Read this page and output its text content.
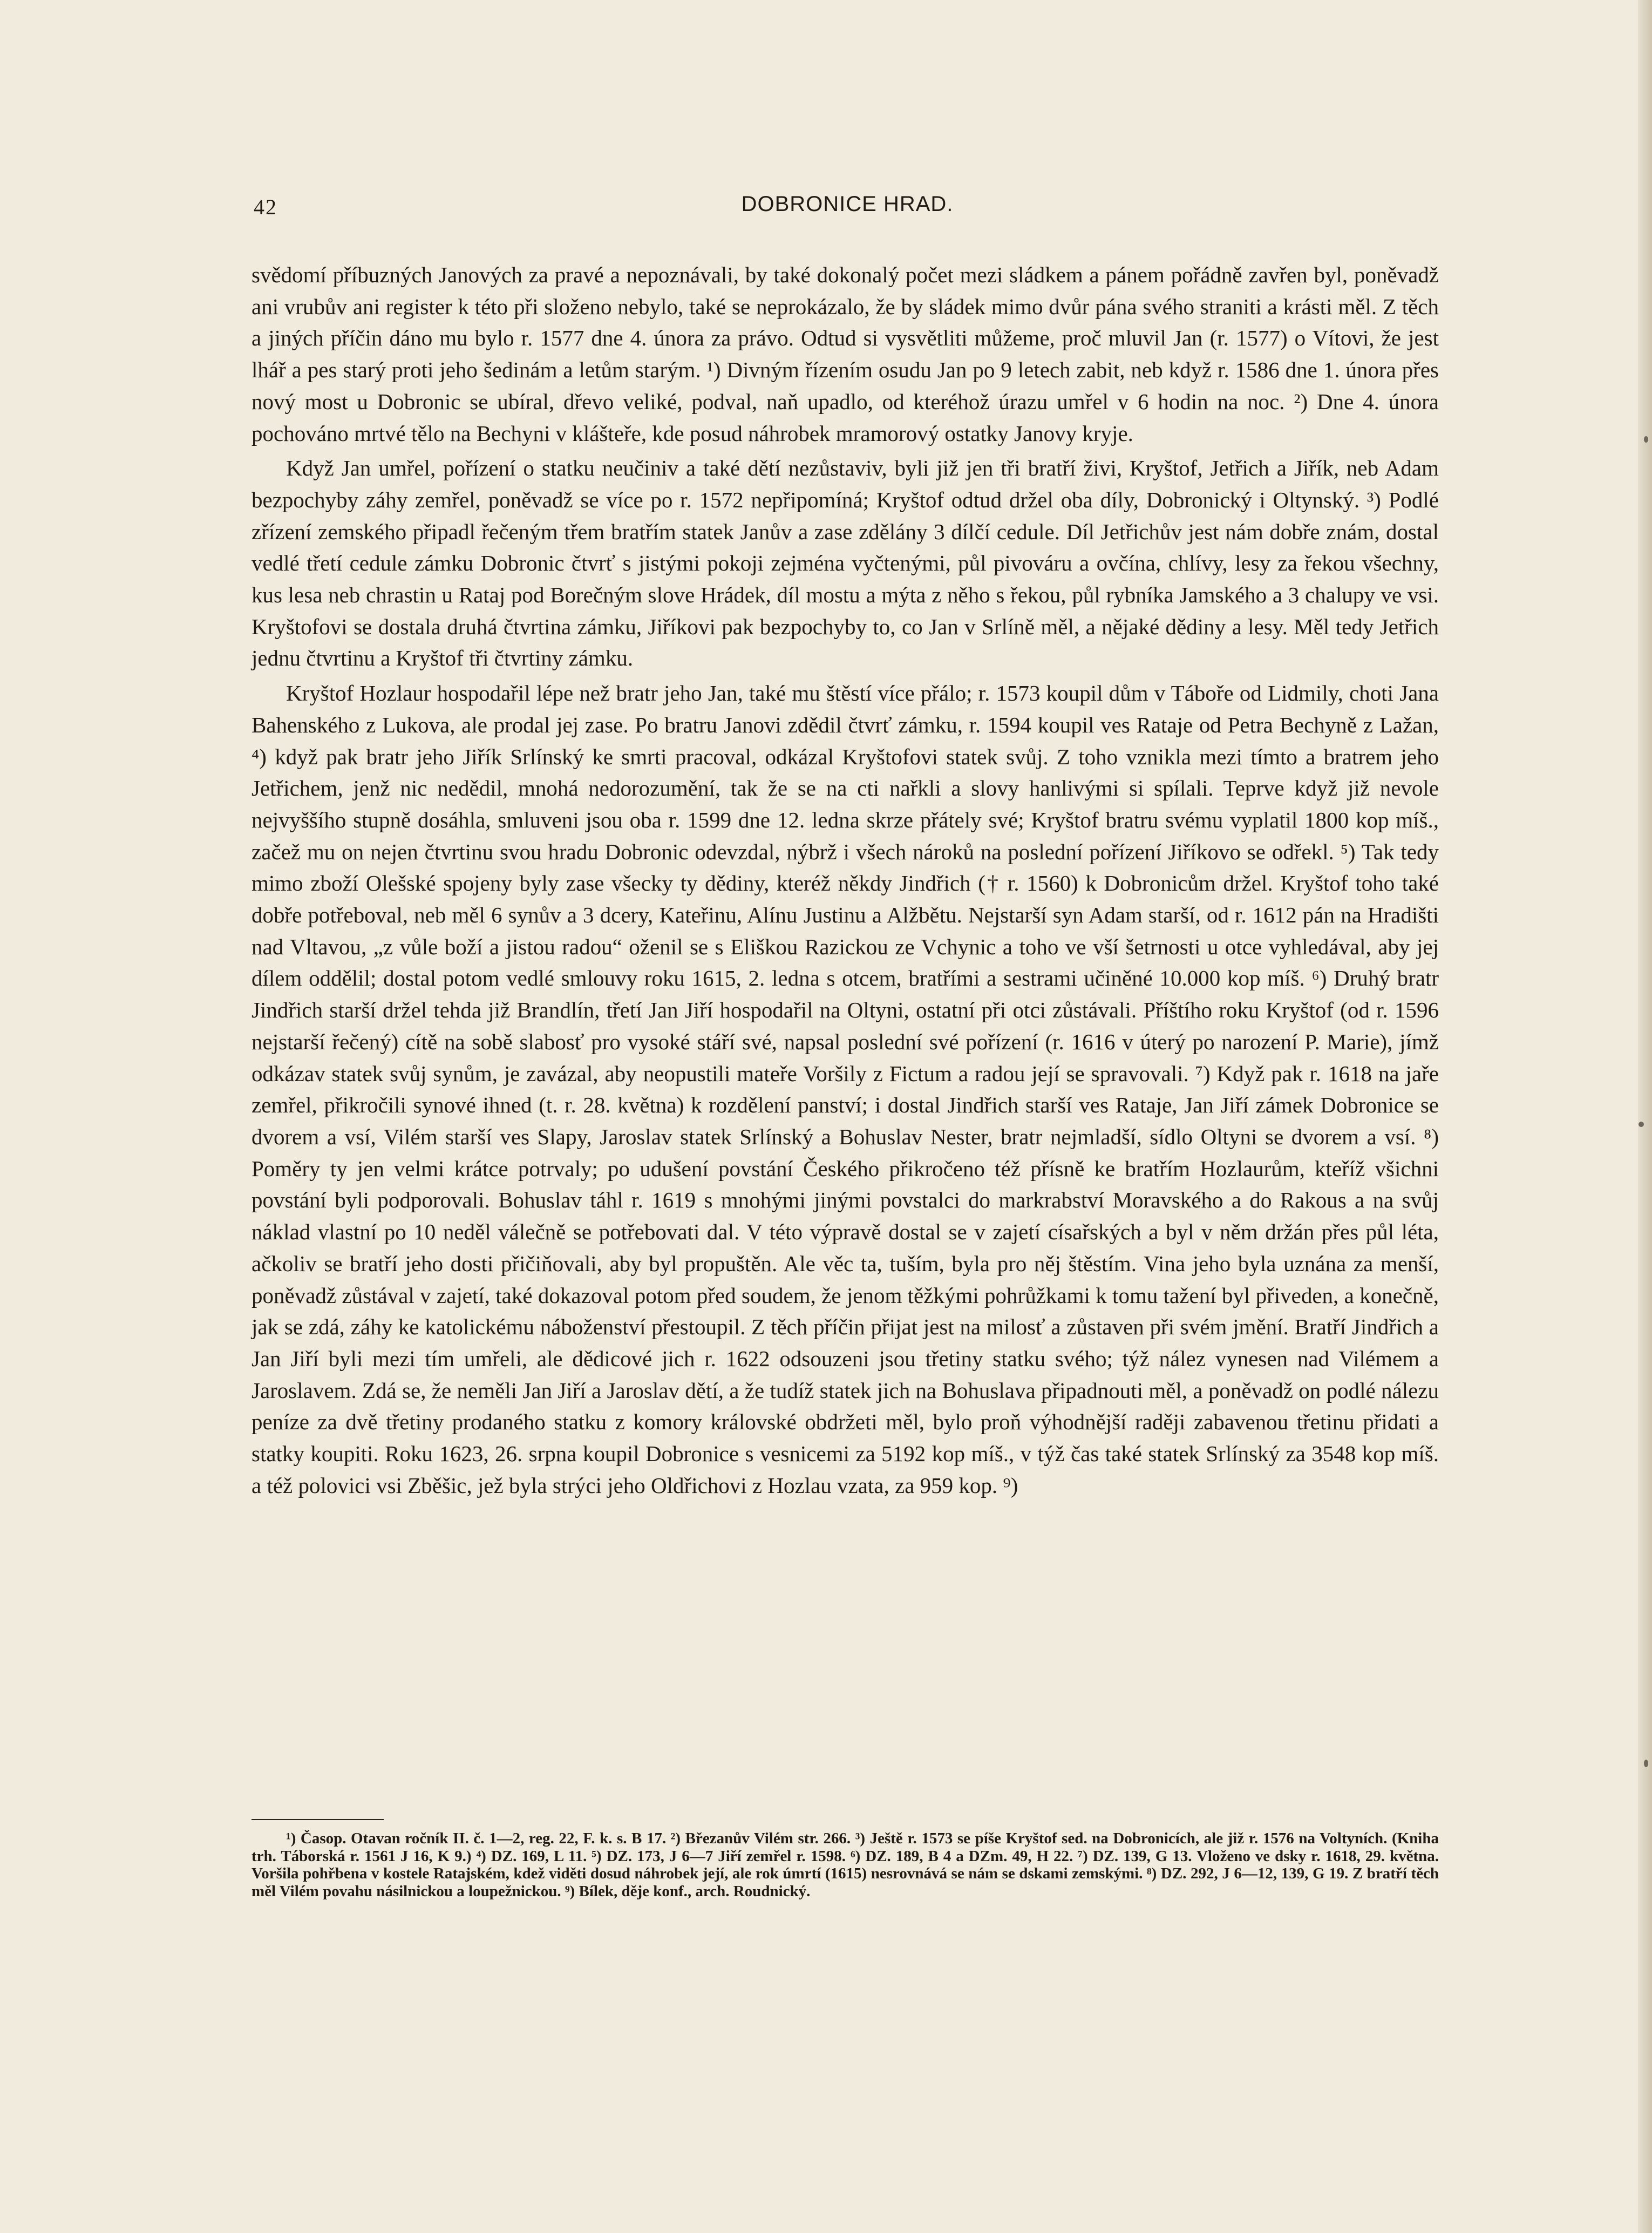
42	DOBRONICE HRAD.

svědomí příbuzných Janových za pravé a nepoznávali, by také dokonalý počet mezi sládkem a pánem pořádně zavřen byl, poněvadž ani vrubův ani register k této při složeno nebylo, také se neprokázalo, že by sládek mimo dvůr pána svého straniti a krásti měl. Z těch a jiných příčin dáno mu bylo r. 1577 dne 4. února za právo. Odtud si vysvětliti můžeme, proč mluvil Jan (r. 1577) o Vítovi, že jest lhář a pes starý proti jeho šedinám a letům starým. ¹) Divným řízením osudu Jan po 9 letech zabit, neb když r. 1586 dne 1. února přes nový most u Dobronic se ubíral, dřevo veliké, podval, naň upadlo, od kteréhož úrazu umřel v 6 hodin na noc. ²) Dne 4. února pochováno mrtvé tělo na Bechyni v klášteře, kde posud náhrobek mramorový ostatky Janovy kryje.

Když Jan umřel, pořízení o statku neučiniv a také dětí nezůstaviv, byli již jen tři bratří živi, Kryštof, Jetřich a Jiřík, neb Adam bezpochyby záhy zemřel, poněvadž se více po r. 1572 nepřipomíná; Kryštof odtud držel oba díly, Dobronický i Oltynský. ³) Podlé zřízení zemského připadl řečeným třem bratřím statek Janův a zase zdělány 3 dílčí cedule. Díl Jetřichův jest nám dobře znám, dostal vedlé třetí cedule zámku Dobronic čtvrť s jistými pokoji zejména vyčtenými, půl pivováru a ovčína, chlívy, lesy za řekou všechny, kus lesa neb chrastin u Rataj pod Borečným slove Hrádek, díl mostu a mýta z něho s řekou, půl rybníka Jamského a 3 chalupy ve vsi. Kryštofovi se dostala druhá čtvrtina zámku, Jiříkovi pak bezpochyby to, co Jan v Srlíně měl, a nějaké dědiny a lesy. Měl tedy Jetřich jednu čtvrtinu a Kryštof tři čtvrtiny zámku.

Kryštof Hozlaur hospodařil lépe než bratr jeho Jan, také mu štěstí více přálo; r. 1573 koupil dům v Táboře od Lidmily, choti Jana Bahenského z Lukova, ale prodal jej zase. Po bratru Janovi zdědil čtvrť zámku, r. 1594 koupil ves Rataje od Petra Bechyně z Lažan, ⁴) když pak bratr jeho Jiřík Srlínský ke smrti pracoval, odkázal Kryštofovi statek svůj. Z toho vznikla mezi tímto a bratrem jeho Jetřichem, jenž nic nedědil, mnohá nedorozumění, tak že se na cti nařkli a slovy hanlivými si spílali. Teprve když již nevole nejvyššího stupně dosáhla, smluveni jsou oba r. 1599 dne 12. ledna skrze přátely své; Kryštof bratru svému vyplatil 1800 kop míš., začež mu on nejen čtvrtinu svou hradu Dobronic odevzdal, nýbrž i všech nároků na poslední pořízení Jiříkovo se odřekl. ⁵) Tak tedy mimo zboží Olešské spojeny byly zase všecky ty dědiny, kteréž někdy Jindřich († r. 1560) k Dobronicům držel. Kryštof toho také dobře potřeboval, neb měl 6 synův a 3 dcery, Kateřinu, Alínu Justinu a Alžbětu. Nejstarší syn Adam starší, od r. 1612 pán na Hradišti nad Vltavou, „z vůle boží a jistou radou“ oženil se s Eliškou Razickou ze Vchynic a toho ve vší šetrnosti u otce vyhledával, aby jej dílem oddělil; dostal potom vedlé smlouvy roku 1615, 2. ledna s otcem, bratřími a sestrami učiněné 10.000 kop míš. ⁶) Druhý bratr Jindřich starší držel tehda již Brandlín, třetí Jan Jiří hospodařil na Oltyni, ostatní při otci zůstávali. Příštího roku Kryštof (od r. 1596 nejstarší řečený) cítě na sobě slabosť pro vysoké stáří své, napsal poslední své pořízení (r. 1616 v úterý po narození P. Marie), jímž odkázav statek svůj synům, je zavázal, aby neopustili mateře Voršily z Fictum a radou její se spravovali. ⁷) Když pak r. 1618 na jaře zemřel, přikročili synové ihned (t. r. 28. května) k rozdělení panství; i dostal Jindřich starší ves Rataje, Jan Jiří zámek Dobronice se dvorem a vsí, Vilém starší ves Slapy, Jaroslav statek Srlínský a Bohuslav Nester, bratr nejmladší, sídlo Oltyni se dvorem a vsí. ⁸) Poměry ty jen velmi krátce potrvaly; po udušení povstání Českého přikročeno též přísně ke bratřím Hozlaurům, kteříž všichni povstání byli podporovali. Bohuslav táhl r. 1619 s mnohými jinými povstalci do markrabství Moravského a do Rakous a na svůj náklad vlastní po 10 neděl válečně se potřebovati dal. V této výpravě dostal se v zajetí císařských a byl v něm držán přes půl léta, ačkoliv se bratří jeho dosti přičiňovali, aby byl propuštěn. Ale věc ta, tuším, byla pro něj štěstím. Vina jeho byla uznána za menší, poněvadž zůstával v zajetí, také dokazoval potom před soudem, že jenom těžkými pohrůžkami k tomu tažení byl přiveden, a konečně, jak se zdá, záhy ke katolickému náboženství přestoupil. Z těch příčin přijat jest na milosť a zůstaven při svém jmění. Bratří Jindřich a Jan Jiří byli mezi tím umřeli, ale dědicové jich r. 1622 odsouzeni jsou třetiny statku svého; týž nález vynesen nad Vilémem a Jaroslavem. Zdá se, že neměli Jan Jiří a Jaroslav dětí, a že tudíž statek jich na Bohuslava připadnouti měl, a poněvadž on podlé nálezu peníze za dvě třetiny prodaného statku z komory královské obdržeti měl, bylo proň výhodnější raději zabavenou třetinu přidati a statky koupiti. Roku 1623, 26. srpna koupil Dobronice s vesnicemi za 5192 kop míš., v týž čas také statek Srlínský za 3548 kop míš. a též polovici vsi Zběšic, jež byla strýci jeho Oldřichovi z Hozlau vzata, za 959 kop. ⁹)

¹) Časop. Otavan ročník II. č. 1—2, reg. 22, F. k. s. B 17. ²) Březanův Vilém str. 266. ³) Ještě r. 1573 se píše Kryštof sed. na Dobronicích, ale již r. 1576 na Voltyních. (Kniha trh. Táborská r. 1561 J 16, K 9.) ⁴) DZ. 169, L 11. ⁵) DZ. 173, J 6—7 Jiří zemřel r. 1598. ⁶) DZ. 189, B 4 a DZm. 49, H 22. ⁷) DZ. 139, G 13. Vloženo ve dsky r. 1618, 29. května. Voršila pohřbena v kostele Ratajském, kdež viděti dosud náhrobek její, ale rok úmrtí (1615) nesrovnává se nám se dskami zemskými. ⁸) DZ. 292, J 6—12, 139, G 19. Z bratří těch měl Vilém povahu násilnickou a loupežnickou. ⁹) Bílek, děje konf., arch. Roudnický.
